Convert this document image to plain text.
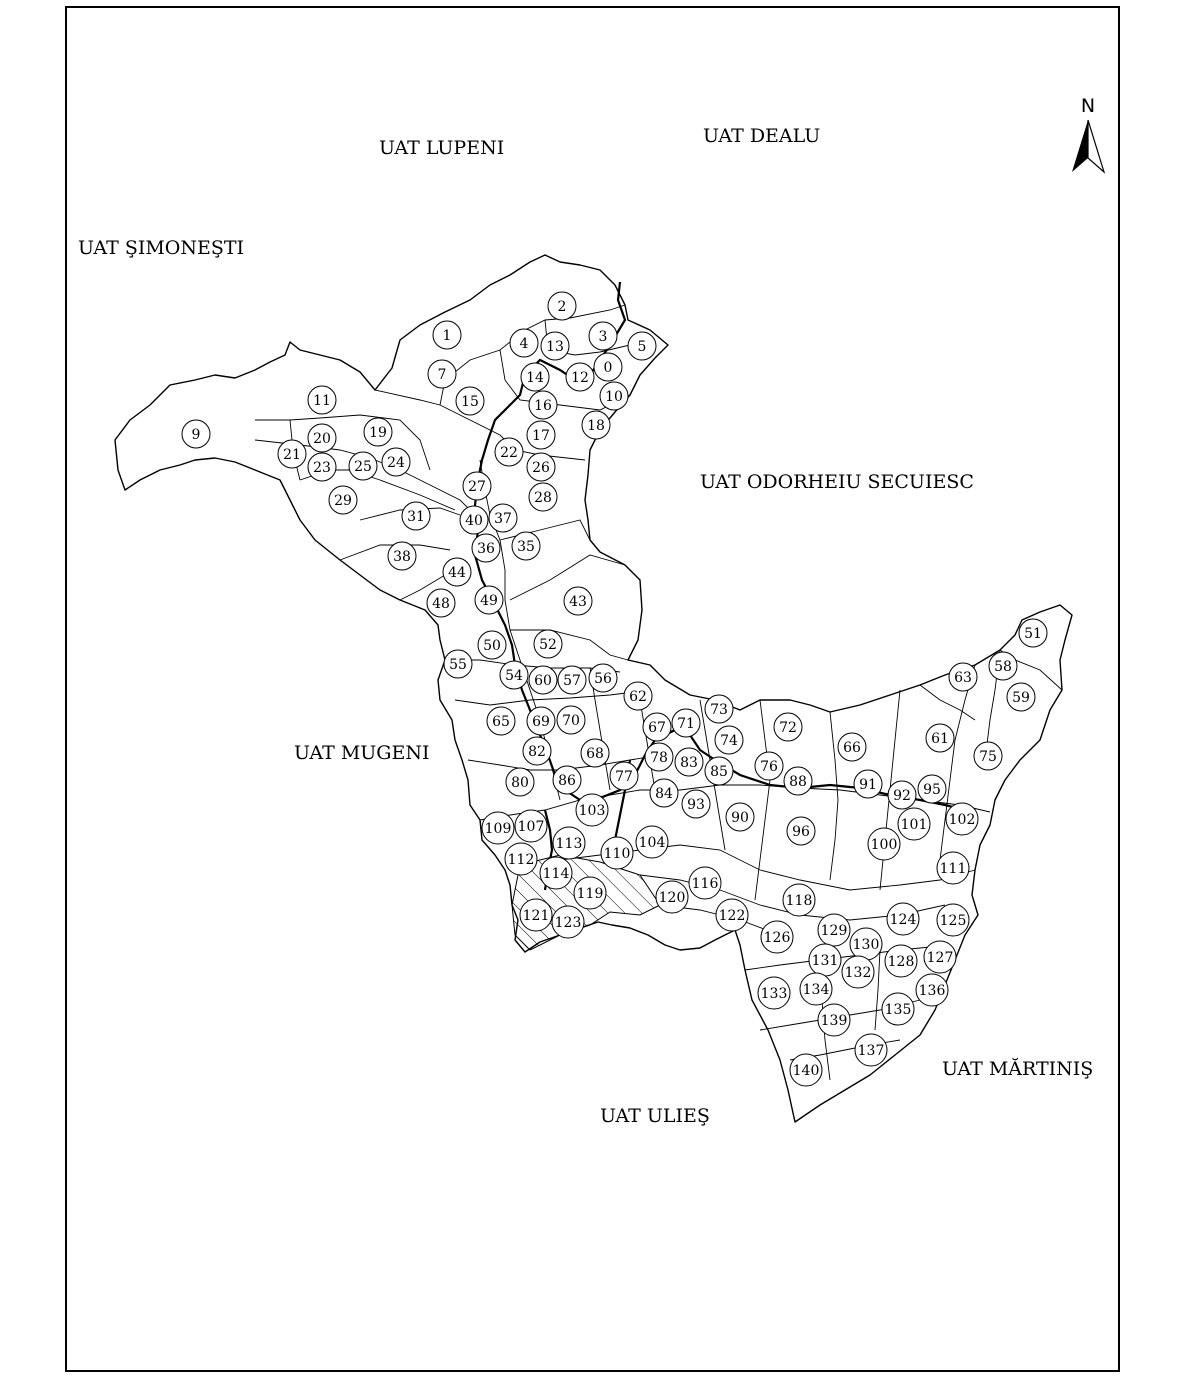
N
UAT LUPENI
UAT DEALU
UAT ŞIMONEŞTI
UAT ODORHEIU SECUIESC
UAT MUGENI
UAT MĂRTINIŞ
UAT ULIEŞ
0
1
2
3
4	5
7
9
10
11
12
13
14
15	16
17
18
19
20
21	22
23	24
25	26
27
28
29
31
35
36
37
38
40
43
44
48 49
50
51
52
54
55
56
57
58
59
60
61
62
63
65
66
67
68
69 70	71	72
73
74
75
76
77
78
80
82
83
84
85
86	88
90
91
92
93
95
96
100
101 102
103
104
107
109
110
111
112
113
114
116
118
119	120
121	122
123	124 125
126
127
128
129
130
131
132
133 134
135
136
137
139
140
